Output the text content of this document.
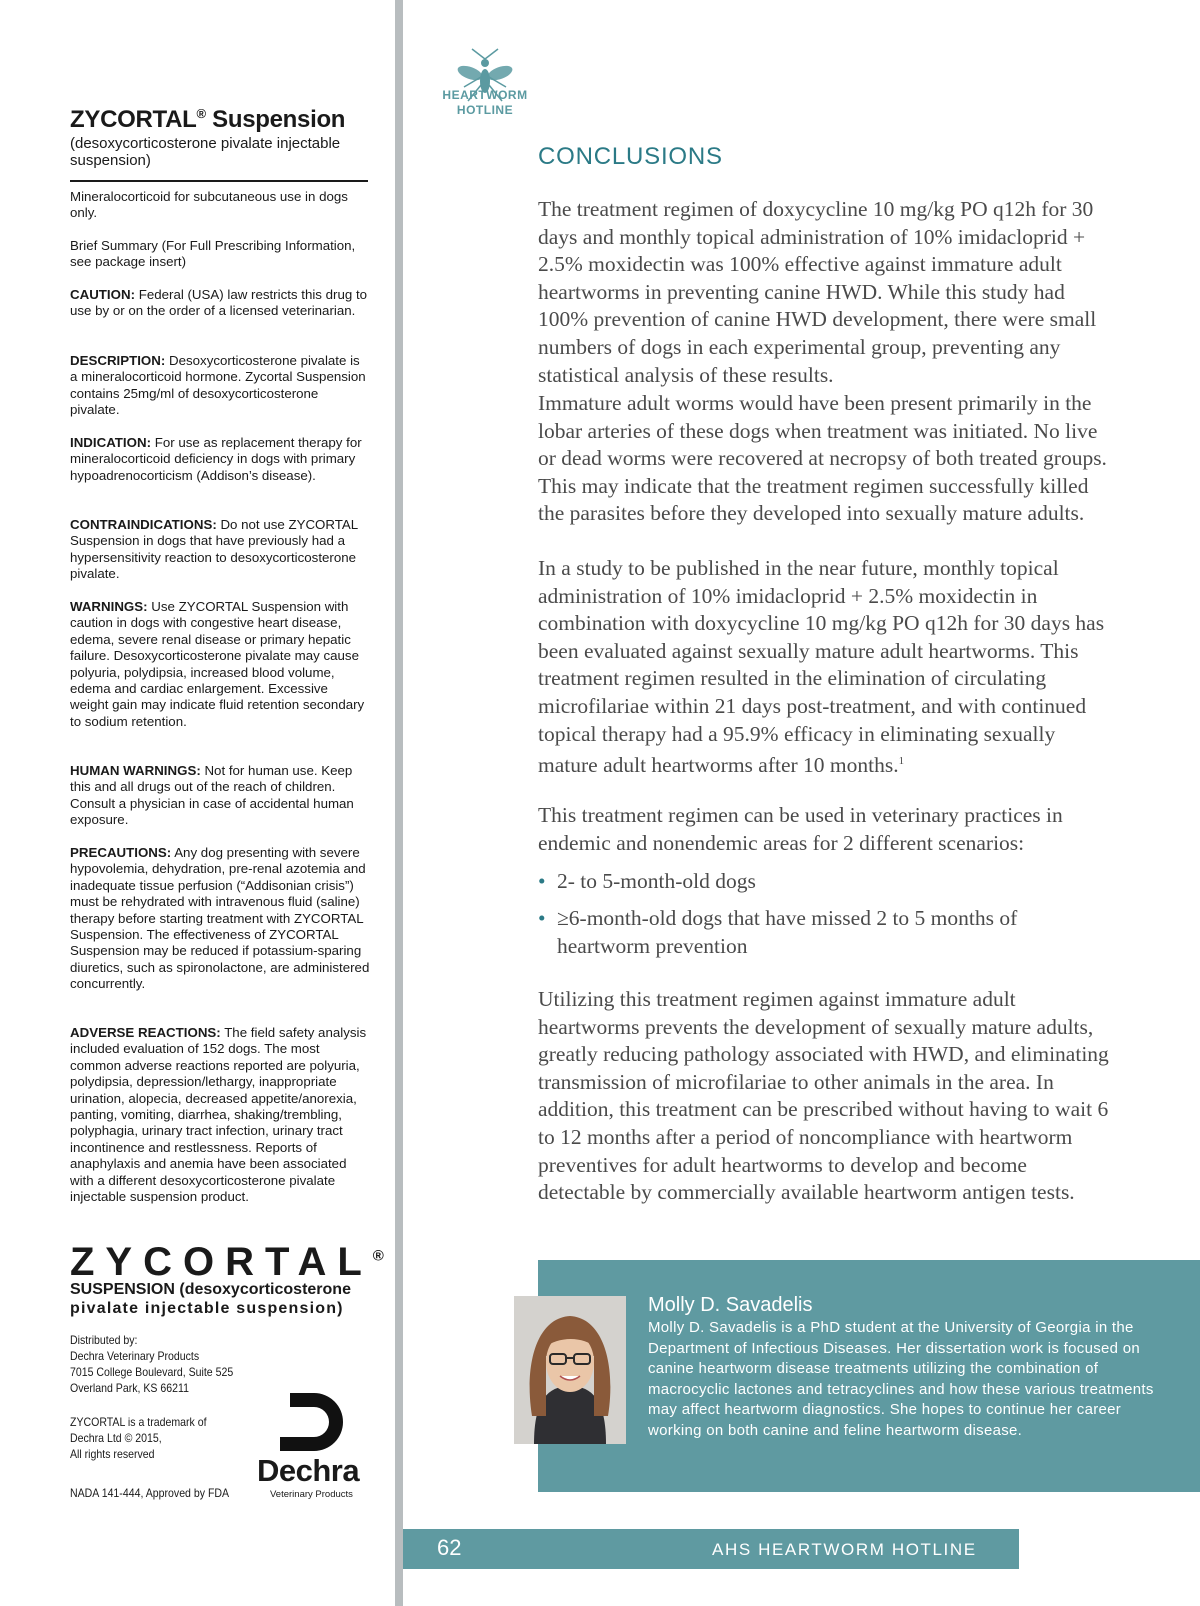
ZYCORTAL® Suspension
(desoxycorticosterone pivalate injectable suspension)
Mineralocorticoid for subcutaneous use in dogs only.
Brief Summary (For Full Prescribing Information, see package insert)
CAUTION: Federal (USA) law restricts this drug to use by or on the order of a licensed veterinarian.
DESCRIPTION: Desoxycorticosterone pivalate is a mineralocorticoid hormone. Zycortal Suspension contains 25mg/ml of desoxycorticosterone pivalate.
INDICATION: For use as replacement therapy for mineralocorticoid deficiency in dogs with primary hypoadrenocorticism (Addison’s disease).
CONTRAINDICATIONS: Do not use ZYCORTAL Suspension in dogs that have previously had a hypersensitivity reaction to desoxycorticosterone pivalate.
WARNINGS: Use ZYCORTAL Suspension with caution in dogs with congestive heart disease, edema, severe renal disease or primary hepatic failure. Desoxycorticosterone pivalate may cause polyuria, polydipsia, increased blood volume, edema and cardiac enlargement. Excessive weight gain may indicate fluid retention secondary to sodium retention.
HUMAN WARNINGS: Not for human use. Keep this and all drugs out of the reach of children. Consult a physician in case of accidental human exposure.
PRECAUTIONS: Any dog presenting with severe hypovolemia, dehydration, pre-renal azotemia and inadequate tissue perfusion (“Addisonian crisis”) must be rehydrated with intravenous fluid (saline) therapy before starting treatment with ZYCORTAL Suspension. The effectiveness of ZYCORTAL Suspension may be reduced if potassium-sparing diuretics, such as spironolactone, are administered concurrently.
ADVERSE REACTIONS: The field safety analysis included evaluation of 152 dogs. The most common adverse reactions reported are polyuria, polydipsia, depression/lethargy, inappropriate urination, alopecia, decreased appetite/anorexia, panting, vomiting, diarrhea, shaking/trembling, polyphagia, urinary tract infection, urinary tract incontinence and restlessness. Reports of anaphylaxis and anemia have been associated with a different desoxycorticosterone pivalate injectable suspension product.
ZYCORTAL®
SUSPENSION (desoxycorticosterone
pivalate injectable suspension)
Distributed by:
Dechra Veterinary Products
7015 College Boulevard, Suite 525
Overland Park, KS 66211
ZYCORTAL is a trademark of
Dechra Ltd © 2015,
All rights reserved
NADA 141-444, Approved by FDA
Dechra
Veterinary Products
HEARTWORM
HOTLINE
CONCLUSIONS
The treatment regimen of doxycycline 10 mg/kg PO q12h for 30 days and monthly topical administration of 10% imidacloprid + 2.5% moxidectin was 100% effective against immature adult heartworms in preventing canine HWD. While this study had 100% prevention of canine HWD development, there were small numbers of dogs in each experimental group, preventing any statistical analysis of these results.
Immature adult worms would have been present primarily in the lobar arteries of these dogs when treatment was initiated. No live or dead worms were recovered at necropsy of both treated groups. This may indicate that the treatment regimen successfully killed the parasites before they developed into sexually mature adults.
In a study to be published in the near future, monthly topical administration of 10% imidacloprid + 2.5% moxidectin in combination with doxycycline 10 mg/kg PO q12h for 30 days has been evaluated against sexually mature adult heartworms. This treatment regimen resulted in the elimination of circulating microfilariae within 21 days post-treatment, and with continued topical therapy had a 95.9% efficacy in eliminating sexually mature adult heartworms after 10 months.$^1$
This treatment regimen can be used in veterinary practices in endemic and nonendemic areas for 2 different scenarios:
• 2- to 5-month-old dogs
• ≥6-month-old dogs that have missed 2 to 5 months of heartworm prevention
Utilizing this treatment regimen against immature adult heartworms prevents the development of sexually mature adults, greatly reducing pathology associated with HWD, and eliminating transmission of microfilariae to other animals in the area. In addition, this treatment can be prescribed without having to wait 6 to 12 months after a period of noncompliance with heartworm preventives for adult heartworms to develop and become detectable by commercially available heartworm antigen tests.
Molly D. Savadelis
Molly D. Savadelis is a PhD student at the University of Georgia in the Department of Infectious Diseases. Her dissertation work is focused on canine heartworm disease treatments utilizing the combination of macrocyclic lactones and tetracyclines and how these various treatments may affect heartworm diagnostics. She hopes to continue her career working on both canine and feline heartworm disease.
62	AHS HEARTWORM HOTLINE
